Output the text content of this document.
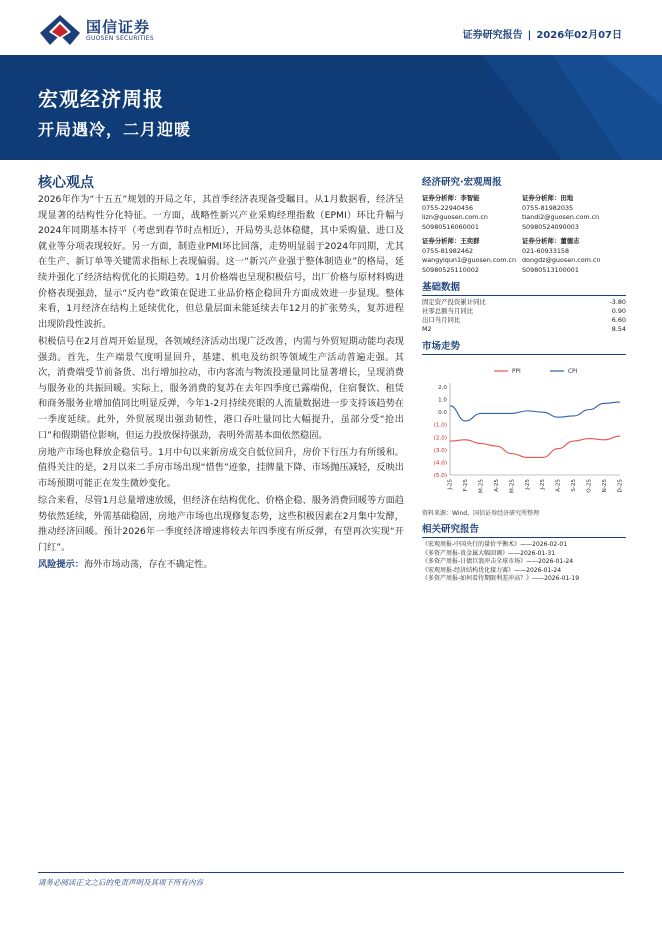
国信证券
GUOSEN SECURITIES	证券研究报告 | 2026年02月07日
宏观经济周报
开局遇冷，二月迎暖
核心观点

2026年作为“十五五”规划的开局之年，其首季经济表现备受瞩目。从1月数据看，经济呈现显著的结构性分化特征。一方面，战略性新兴产业采购经理指数（EPMI）环比升幅与2024年同期基本持平（考虑到春节时点相近），开局势头总体稳健，其中采购量、进口及就业等分项表现较好。另一方面，制造业PMI环比回落，走势明显弱于2024年同期，尤其在生产、新订单等关键需求指标上表现偏弱。这一“新兴产业强于整体制造业”的格局，延续并强化了经济结构优化的长期趋势。1月价格端也呈现积极信号，出厂价格与原材料购进价格表现强劲，显示“反内卷”政策在促进工业品价格企稳回升方面成效进一步显现。整体来看，1月经济在结构上延续优化，但总量层面未能延续去年12月的扩张势头，复苏进程出现阶段性波折。

积极信号在2月首周开始显现，各领域经济活动出现广泛改善，内需与外贸短期动能均表现强劲。首先，生产端景气度明显回升，基建、机电及纺织等领域生产活动普遍走强。其次，消费端受节前备货、出行增加拉动，市内客流与物流投递量同比显著增长，呈现消费与服务业的共振回暖。实际上，服务消费的复苏在去年四季度已露端倪，住宿餐饮、租赁和商务服务业增加值同比明显反弹，今年1-2月持续亮眼的人流量数据进一步支持该趋势在一季度延续。此外，外贸展现出强劲韧性，港口吞吐量同比大幅提升，虽部分受“抢出口”和假期错位影响，但运力投放保持强劲，表明外需基本面依然稳固。

房地产市场也释放企稳信号。1月中旬以来新房成交自低位回升，房价下行压力有所缓和。值得关注的是，2月以来二手房市场出现“惜售”迹象，挂牌量下降、市场抛压减轻，反映出市场预期可能正在发生微妙变化。

综合来看，尽管1月总量增速放缓，但经济在结构优化、价格企稳、服务消费回暖等方面趋势依然延续，外需基础稳固，房地产市场也出现修复态势，这些积极因素在2月集中发酵，推动经济回暖。预计2026年一季度经济增速将较去年四季度有所反弹，有望再次实现“开门红”。

风险提示：海外市场动荡，存在不确定性。

经济研究·宏观周报
证券分析师：李智能
0755-22940456
lizn@guosen.com.cn
S0980516060001
证券分析师：田地
0755-81982035
tiandi2@guosen.com.cn
S0980524090003
证券分析师：王奕群
0755-81982462
wangyiqun1@guosen.com.cn
S0980525110002
证券分析师：董德志
021-60933158
dongdz@guosen.com.cn
S0980513100001
基础数据
固定资产投资累计同比	-3.80
社零总额当月同比	0.90
出口当月同比	6.60
M2	8.54
市场走势
2.0
1.0
0.0
(1.0)
(2.0)
(3.0)
(4.0)
(5.0)
J-25 F-25 M-25 A-25 M-25 J-25 J-25 A-25 S-25 O-25 N-25 D-25
PPI	CPI
资料来源：Wind、国信证券经济研究所整理
相关研究报告
《宏观周报-中国央行的量价平衡术》——2026-02-01
《多资产周报-贵金属大幅回调》——2026-01-31
《多资产周报-日债巨浪冲击全球市场》——2026-01-24
《宏观周报-经济结构优化接力赛》——2026-01-24
《多资产周报-如何看待期限利差冲高？》——2026-01-19
请务必阅读正文之后的免责声明及其项下所有内容
